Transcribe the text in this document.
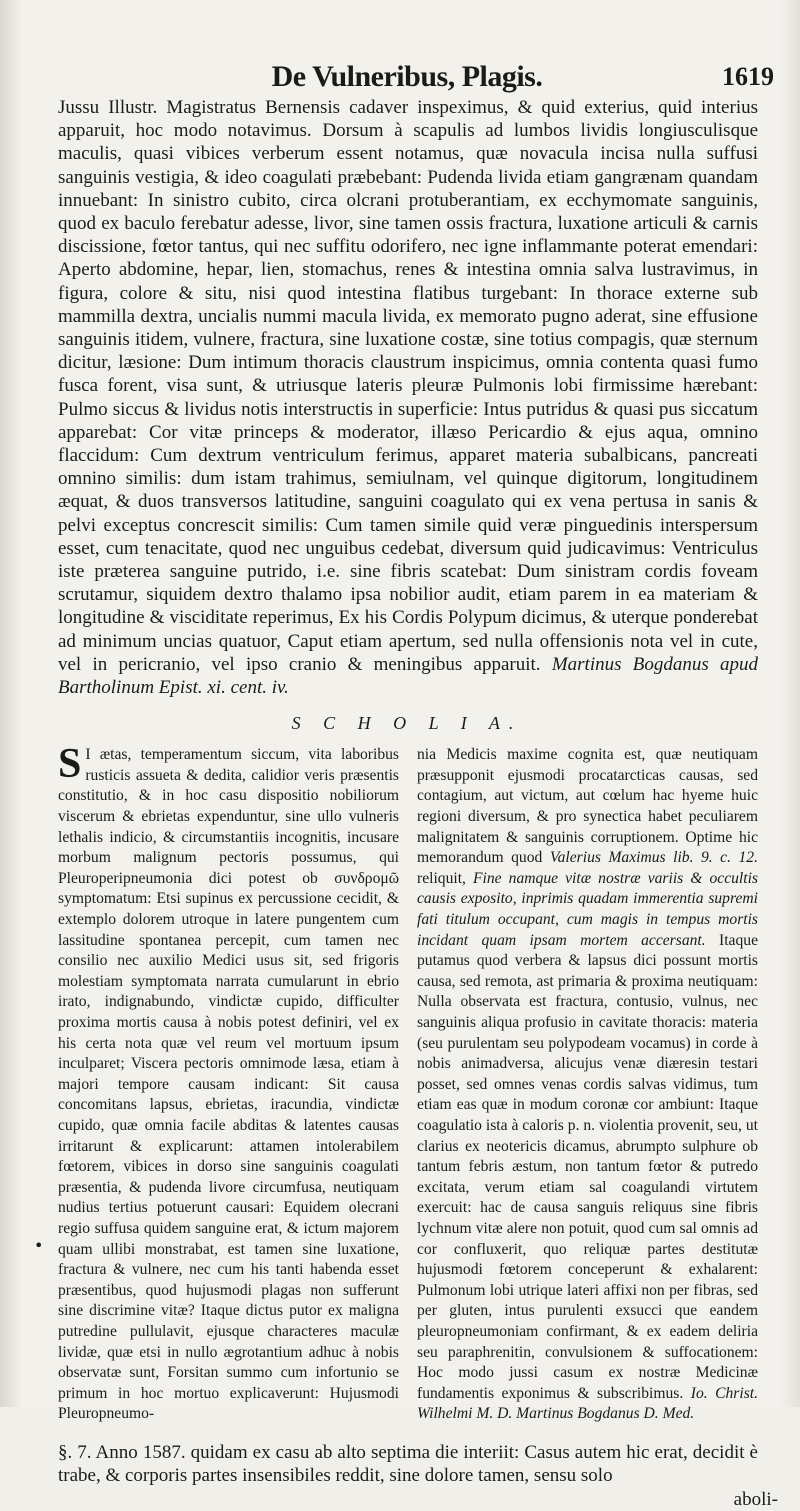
De Vulneribus, Plagis.	1619

Jussu Illustr. Magistratus Bernensis cadaver inspeximus, & quid exterius, quid interius apparuit, hoc modo notavimus. Dorsum à scapulis ad lumbos lividis longiusculisque maculis, quasi vibices verberum essent notamus, quæ novacula incisa nulla suffusi sanguinis vestigia, & ideo coagulati præbebant: Pudenda livida etiam gangrænam quandam innuebant: In sinistro cubito, circa olcrani protuberantiam, ex ecchymomate sanguinis, quod ex baculo ferebatur adesse, livor, sine tamen ossis fractura, luxatione articuli & carnis discissione, fœtor tantus, qui nec suffitu odorifero, nec igne inflammante poterat emendari: Aperto abdomine, hepar, lien, stomachus, renes & intestina omnia salva lustravimus, in figura, colore & situ, nisi quod intestina flatibus turgebant: In thorace externe sub mammilla dextra, uncialis nummi macula livida, ex memorato pugno aderat, sine effusione sanguinis itidem, vulnere, fractura, sine luxatione costæ, sine totius compagis, quæ sternum dicitur, læsione: Dum intimum thoracis claustrum inspicimus, omnia contenta quasi fumo fusca forent, visa sunt, & utriusque lateris pleuræ Pulmonis lobi firmissime hærebant: Pulmo siccus & lividus notis interstructis in superficie: Intus putridus & quasi pus siccatum apparebat: Cor vitæ princeps & moderator, illæso Pericardio & ejus aqua, omnino flaccidum: Cum dextrum ventriculum ferimus, apparet materia subalbicans, pancreati omnino similis: dum istam trahimus, semiulnam, vel quinque digitorum, longitudinem æquat, & duos transversos latitudine, sanguini coagulato qui ex vena pertusa in sanis & pelvi exceptus concrescit similis: Cum tamen simile quid veræ pinguedinis interspersum esset, cum tenacitate, quod nec unguibus cedebat, diversum quid judicavimus: Ventriculus iste præterea sanguine putrido, i.e. sine fibris scatebat: Dum sinistram cordis foveam scrutamur, siquidem dextro thalamo ipsa nobilior audit, etiam parem in ea materiam & longitudine & visciditate reperimus, Ex his Cordis Polypum dicimus, & uterque ponderebat ad minimum uncias quatuor, Caput etiam apertum, sed nulla offensionis nota vel in cute, vel in pericranio, vel ipso cranio & meningibus apparuit. Martinus Bogdanus apud Bartholinum Epist. xi. cent. iv.

S C H O L I A.

S I ætas, temperamentum siccum, vita laboribus rusticis assueta & dedita, calidior veris præsentis constitutio, & in hoc casu dispositio nobiliorum viscerum & ebrietas expenduntur, sine ullo vulneris lethalis indicio, & circumstantiis incognitis, incusare morbum malignum pectoris possumus, qui Pleuroperipneumonia dici potest ob συνδρομῶ symptomatum: Etsi supinus ex percussione cecidit, & extemplo dolorem utroque in latere pungentem cum lassitudine spontanea percepit, cum tamen nec consilio nec auxilio Medici usus sit, sed frigoris molestiam symptomata narrata cumularunt in ebrio irato, indignabundo, vindictæ cupido, difficulter proxima mortis causa à nobis potest definiri, vel ex his certa nota quæ vel reum vel mortuum ipsum inculparet; Viscera pectoris omnimode læsa, etiam à majori tempore causam indicant: Sit causa concomitans lapsus, ebrietas, iracundia, vindictæ cupido, quæ omnia facile abditas & latentes causas irritarunt & explicarunt: attamen intolerabilem fœtorem, vibices in dorso sine sanguinis coagulati præsentia, & pudenda livore circumfusa, neutiquam nudius tertius potuerunt causari: Equidem olecrani regio suffusa quidem sanguine erat, & ictum majorem quam ullibi monstrabat, est tamen sine luxatione, fractura & vulnere, nec cum his tanti habenda esset præsentibus, quod hujusmodi plagas non sufferunt sine discrimine vitæ? Itaque dictus putor ex maligna putredine pullulavit, ejusque characteres maculæ lividæ, quæ etsi in nullo ægrotantium adhuc à nobis observatæ sunt, Forsitan summo cum infortunio se primum in hoc mortuo explicaverunt: Hujusmodi Pleuropneumo-

nia Medicis maxime cognita est, quæ neutiquam præsupponit ejusmodi procatarcticas causas, sed contagium, aut victum, aut cœlum hac hyeme huic regioni diversum, & pro synectica habet peculiarem malignitatem & sanguinis corruptionem. Optime hic memorandum quod Valerius Maximus lib. 9. c. 12. reliquit, Fine namque vitæ nostræ variis & occultis causis exposito, inprimis quadam immerentia supremi fati titulum occupant, cum magis in tempus mortis incidant quam ipsam mortem accersant. Itaque putamus quod verbera & lapsus dici possunt mortis causa, sed remota, ast primaria & proxima neutiquam: Nulla observata est fractura, contusio, vulnus, nec sanguinis aliqua profusio in cavitate thoracis: materia (seu purulentam seu polypodeam vocamus) in corde à nobis animadversa, alicujus venæ diæresin testari posset, sed omnes venas cordis salvas vidimus, tum etiam eas quæ in modum coronæ cor ambiunt: Itaque coagulatio ista à caloris p. n. violentia provenit, seu, ut clarius ex neotericis dicamus, abrumpto sulphure ob tantum febris æstum, non tantum fœtor & putredo excitata, verum etiam sal coagulandi virtutem exercuit: hac de causa sanguis reliquus sine fibris lychnum vitæ alere non potuit, quod cum sal omnis ad cor confluxerit, quo reliquæ partes destitutæ hujusmodi fœtorem conceperunt & exhalarent: Pulmonum lobi utrique lateri affixi non per fibras, sed per gluten, intus purulenti exsucci que eandem pleuropneumoniam confirmant, & ex eadem deliria seu paraphrenitin, convulsionem & suffocationem: Hoc modo jussi casum ex nostræ Medicinæ fundamentis exponimus & subscribimus. Io. Christ. Wilhelmi M. D. Martinus Bogdanus D. Med.

§. 7. Anno 1587. quidam ex casu ab alto septima die interiit: Casus autem hic erat, decidit è trabe, & corporis partes insensibiles reddit, sine dolore tamen, sensu solo

aboli-
•
